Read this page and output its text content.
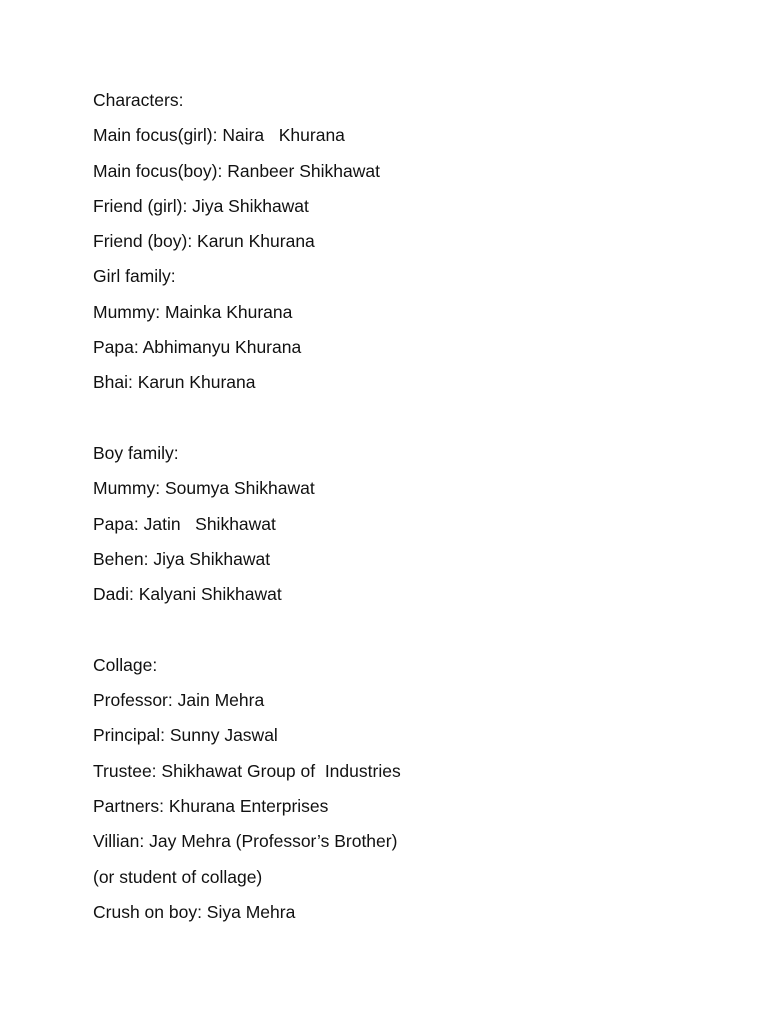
Characters:
Main focus(girl): Naira   Khurana
Main focus(boy): Ranbeer Shikhawat
Friend (girl): Jiya Shikhawat
Friend (boy): Karun Khurana
Girl family:
Mummy: Mainka Khurana
Papa: Abhimanyu Khurana
Bhai: Karun Khurana
Boy family:
Mummy: Soumya Shikhawat
Papa: Jatin   Shikhawat
Behen: Jiya Shikhawat
Dadi: Kalyani Shikhawat
Collage:
Professor: Jain Mehra
Principal: Sunny Jaswal
Trustee: Shikhawat Group of  Industries
Partners: Khurana Enterprises
Villian: Jay Mehra (Professor’s Brother)
(or student of collage)
Crush on boy: Siya Mehra
